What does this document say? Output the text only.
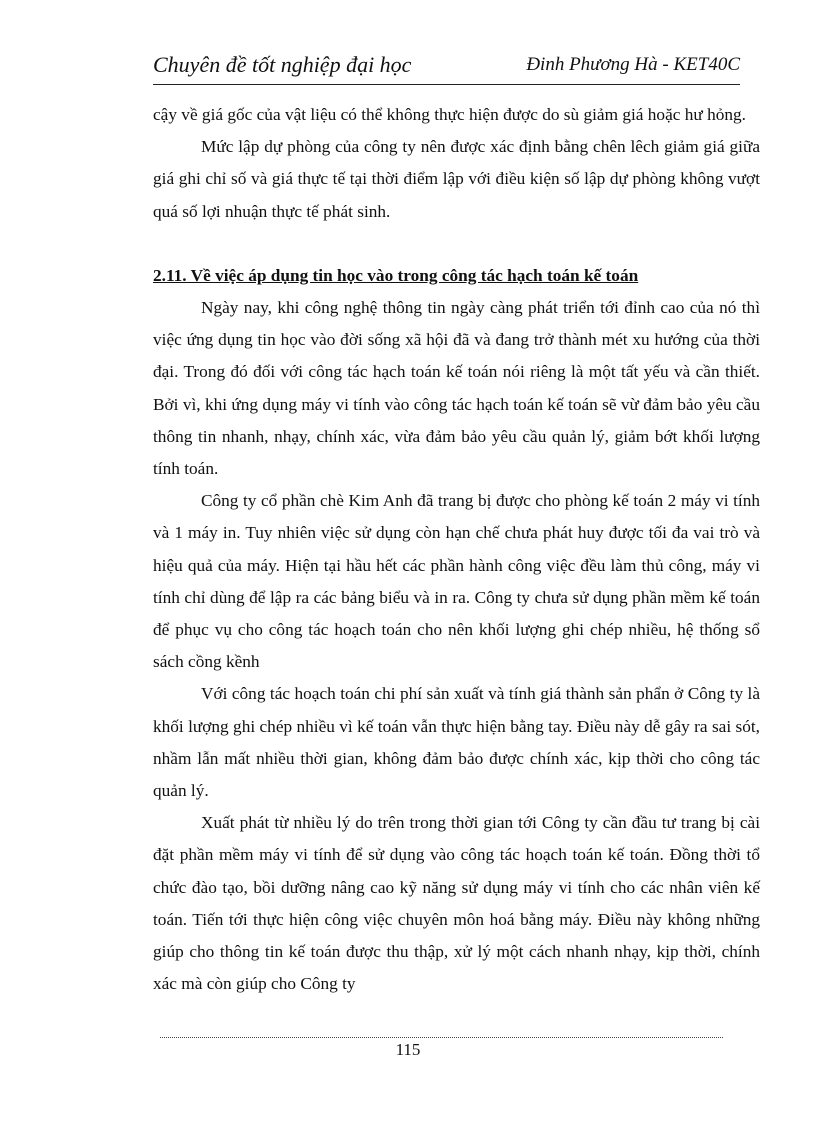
Chuyên đề tốt nghiệp đại học	Đinh Phương Hà - KET40C

cậy về giá gốc của vật liệu có thể không thực hiện được do sù giảm giá hoặc hư hỏng.

Mức lập dự phòng của công ty nên được xác định bằng chên lêch giảm giá giữa giá ghi chỉ số và giá thực tế tại thời điểm lập với điều kiện số lập dự phòng không vượt quá số lợi nhuận thực tế phát sinh.

2.11. Về việc áp dụng tin học vào trong công tác hạch toán kế toán

Ngày nay, khi công nghệ thông tin ngày càng phát triển tới đỉnh cao của nó thì việc ứng dụng tin học vào đời sống xã hội đã và đang trở thành mét xu hướng của thời đại. Trong đó đối với công tác hạch toán kế toán nói riêng là một tất yếu và cần thiết. Bởi vì, khi ứng dụng máy vi tính vào công tác hạch toán kế toán sẽ vừ đảm bảo yêu cầu thông tin nhanh, nhạy, chính xác, vừa đảm bảo yêu cầu quản lý, giảm bớt khối lượng tính toán.

Công ty cổ phần chè Kim Anh đã trang bị được cho phòng kế toán 2 máy vi tính và 1 máy in. Tuy nhiên việc sử dụng còn hạn chế chưa phát huy được tối đa vai trò và hiệu quả của máy. Hiện tại hầu hết các phần hành công việc đều làm thủ công, máy vi tính chỉ dùng để lập ra các bảng biểu và in ra. Công ty chưa sử dụng phần mềm kế toán để phục vụ cho công tác hoạch toán cho nên khối lượng ghi chép nhiều, hệ thống sổ sách cồng kềnh

Với công tác hoạch toán chi phí sản xuất và tính giá thành sản phẩn ở Công ty là khối lượng ghi chép nhiều vì kế toán vẫn thực hiện bằng tay. Điều này dễ gây ra sai sót, nhầm lẫn mất nhiều thời gian, không đảm bảo được chính xác, kịp thời cho công tác quản lý.

Xuất phát từ nhiều lý do trên trong thời gian tới Công ty cần đầu tư trang bị cài đặt phần mềm máy vi tính để sử dụng vào công tác hoạch toán kế toán. Đồng thời tổ chức đào tạo, bồi dưỡng nâng cao kỹ năng sử dụng máy vi tính cho các nhân viên kế toán. Tiến tới thực hiện công việc chuyên môn hoá bằng máy. Điều này không những giúp cho thông tin kế toán được thu thập, xử lý một cách nhanh nhạy, kịp thời, chính xác mà còn giúp cho Công ty

115
